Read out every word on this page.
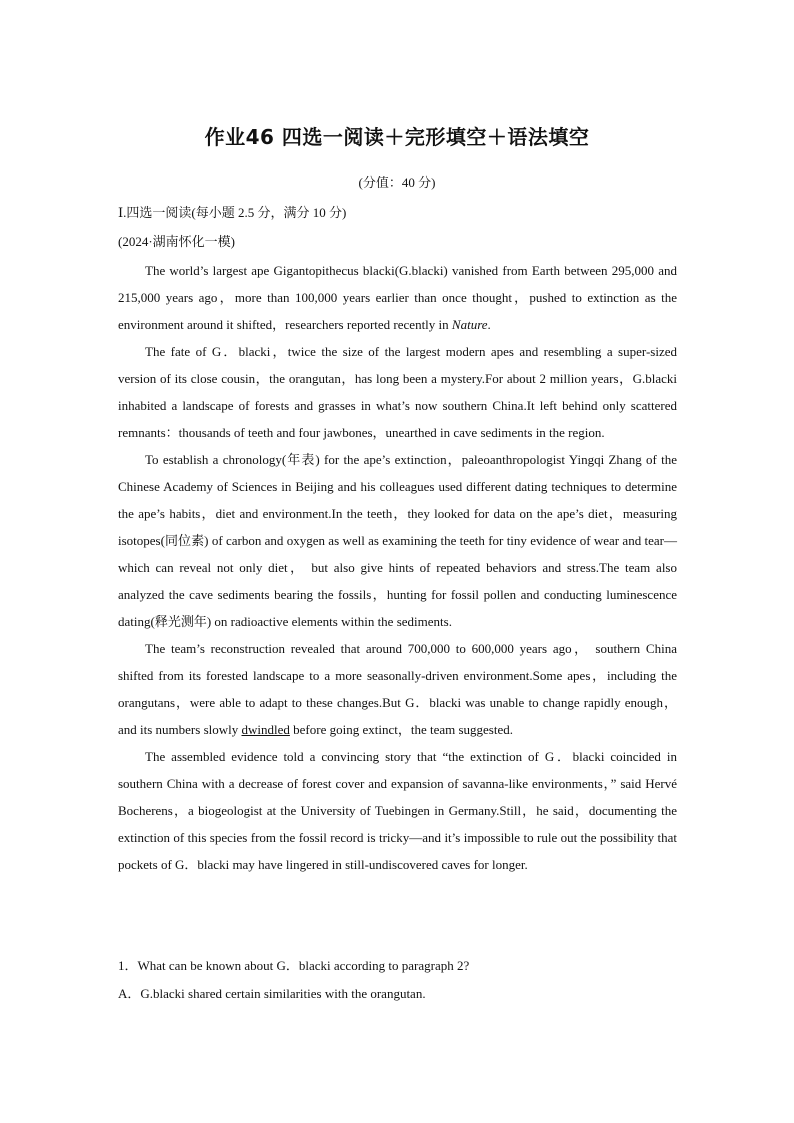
作业46 四选一阅读＋完形填空＋语法填空
(分值：40 分)
Ⅰ.四选一阅读(每小题 2.5 分，满分 10 分)
(2024·湖南怀化一模)

The world’s largest ape Gigantopithecus blacki(G.blacki) vanished from Earth between 295,000 and 215,000 years ago，more than 100,000 years earlier than once thought，pushed to extinction as the environment around it shifted，researchers reported recently in Nature.

The fate of G．blacki，twice the size of the largest modern apes and resembling a super-sized version of its close cousin，the orangutan，has long been a mystery.For about 2 million years，G.blacki inhabited a landscape of forests and grasses in what’s now southern China.It left behind only scattered remnants：thousands of teeth and four jawbones，unearthed in cave sediments in the region.

To establish a chronology(年表) for the ape’s extinction，paleoanthropologist Yingqi Zhang of the Chinese Academy of Sciences in Beijing and his colleagues used different dating techniques to determine the ape’s habits，diet and environment.In the teeth，they looked for data on the ape’s diet，measuring isotopes(同位素) of carbon and oxygen as well as examining the teeth for tiny evidence of wear and tear—which can reveal not only diet， but also give hints of repeated behaviors and stress.The team also analyzed the cave sediments bearing the fossils，hunting for fossil pollen and conducting luminescence dating(释光测年) on radioactive elements within the sediments.

The team’s reconstruction revealed that around 700,000 to 600,000 years ago， southern China shifted from its forested landscape to a more seasonally-driven environment.Some apes，including the orangutans，were able to adapt to these changes.But G．blacki was unable to change rapidly enough，and its numbers slowly dwindled before going extinct，the team suggested.

The assembled evidence told a convincing story that “the extinction of G．blacki coincided in southern China with a decrease of forest cover and expansion of savanna-like environments，” said Hervé Bocherens，a biogeologist at the University of Tuebingen in Germany.Still，he said，documenting the extinction of this species from the fossil record is tricky—and it’s impossible to rule out the possibility that pockets of G．blacki may have lingered in still-undiscovered caves for longer.

1．What can be known about G．blacki according to paragraph 2?
A．G.blacki shared certain similarities with the orangutan.
